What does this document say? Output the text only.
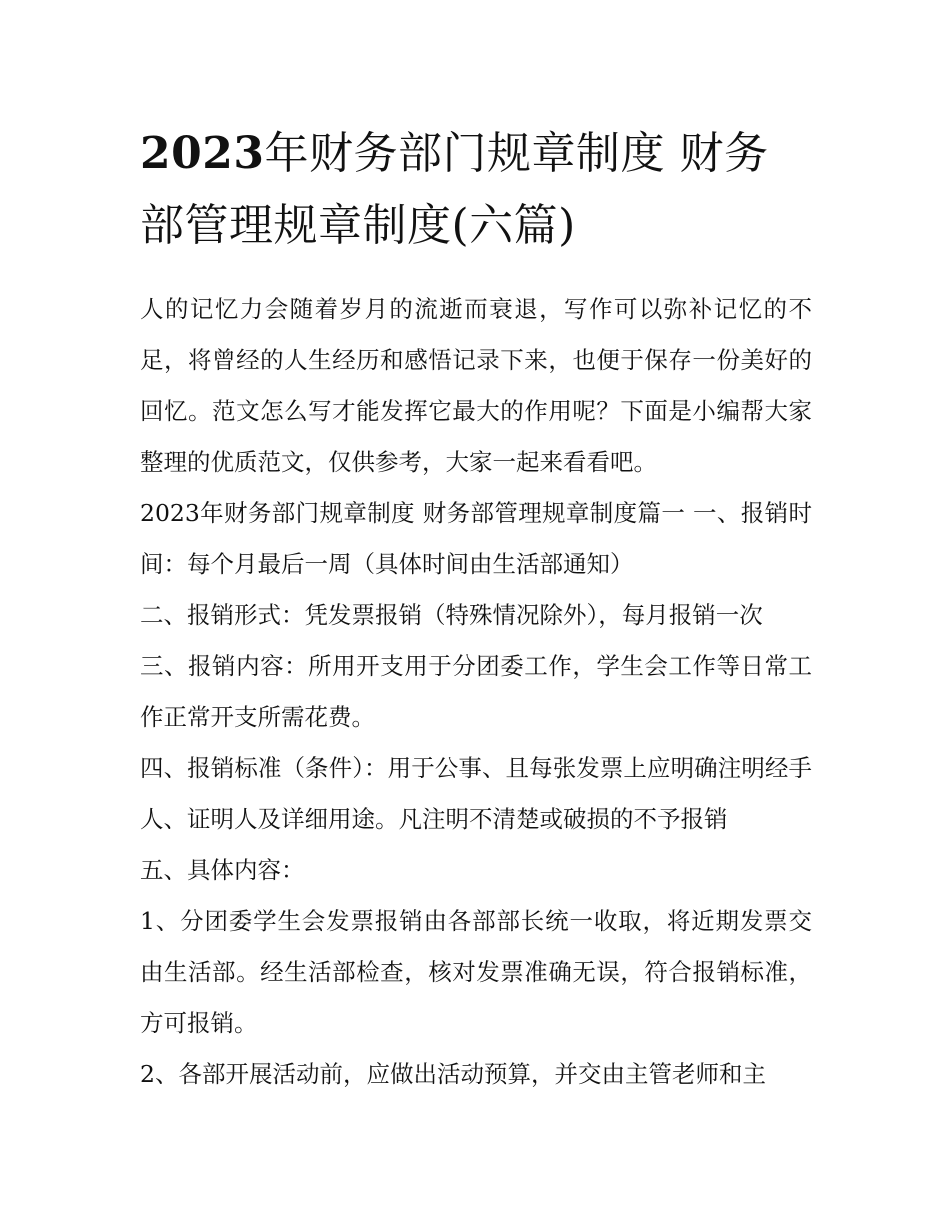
2023年财务部门规章制度 财务部管理规章制度(六篇)

人的记忆力会随着岁月的流逝而衰退，写作可以弥补记忆的不足，将曾经的人生经历和感悟记录下来，也便于保存一份美好的回忆。范文怎么写才能发挥它最大的作用呢？下面是小编帮大家整理的优质范文，仅供参考，大家一起来看看吧。

2023年财务部门规章制度 财务部管理规章制度篇一 一、报销时间：每个月最后一周（具体时间由生活部通知）

二、报销形式：凭发票报销（特殊情况除外），每月报销一次

三、报销内容：所用开支用于分团委工作，学生会工作等日常工作正常开支所需花费。

四、报销标准（条件）：用于公事、且每张发票上应明确注明经手人、证明人及详细用途。凡注明不清楚或破损的不予报销

五、具体内容：

1、分团委学生会发票报销由各部部长统一收取，将近期发票交由生活部。经生活部检查，核对发票准确无误，符合报销标准，方可报销。

2、各部开展活动前，应做出活动预算，并交由主管老师和主
